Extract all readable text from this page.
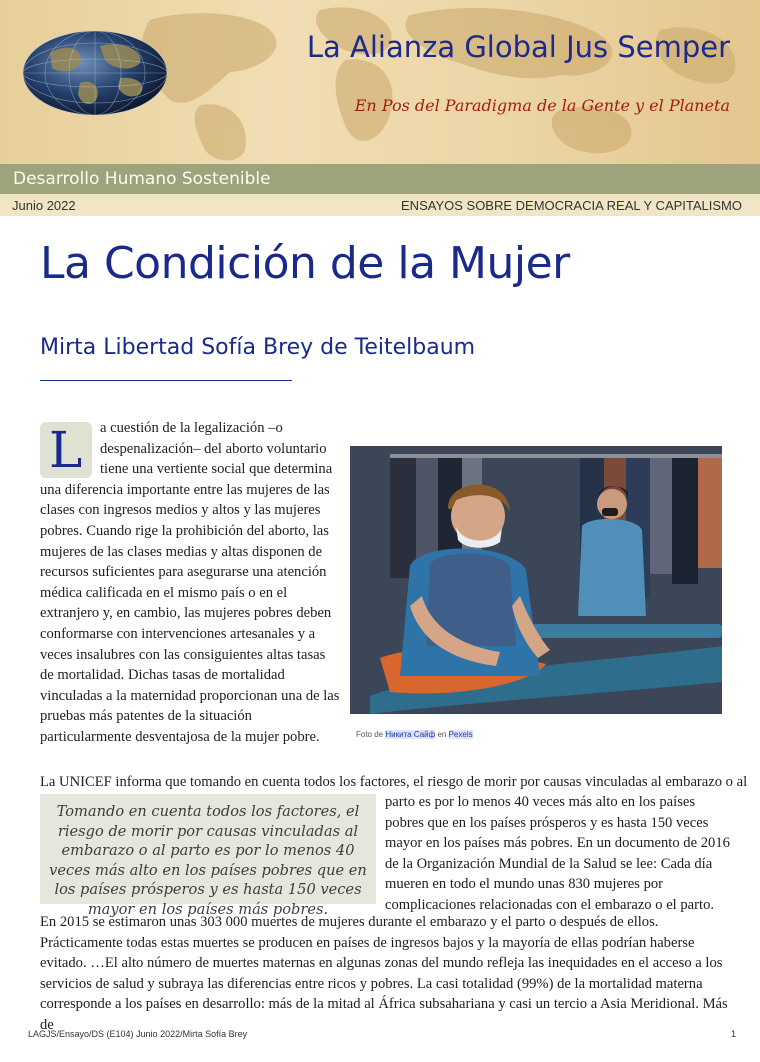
La Alianza Global Jus Semper

En Pos del Paradigma de la Gente y el Planeta

Desarrollo Humano Sostenible
Junio 2022	ENSAYOS SOBRE DEMOCRACIA REAL Y CAPITALISMO
La Condición de la Mujer
Mirta Libertad Sofía Brey de Teitelbaum

L a cuestión de la legalización –o despenalización– del aborto voluntario tiene una vertiente social que determina una diferencia importante entre las mujeres de las clases con ingresos medios y altos y las mujeres pobres. Cuando rige la prohibición del aborto, las mujeres de las clases medias y altas disponen de recursos suficientes para asegurarse una atención médica calificada en el mismo país o en el extranjero y, en cambio, las mujeres pobres deben conformarse con intervenciones artesanales y a veces insalubres con las consiguientes altas tasas de mortalidad. Dichas tasas de mortalidad vinculadas a la maternidad proporcionan una de las pruebas más patentes de la situación particularmente desventajosa de la mujer pobre.	Foto de Никита Сайф en Pexels

La UNICEF informa que tomando en cuenta todos los factores, el riesgo de morir por causas vinculadas al embarazo o al

Tomando en cuenta todos los factores, el riesgo de morir por causas vinculadas al embarazo o al parto es por lo menos 40 veces más alto en los países pobres que en los países prósperos y es hasta 150 veces mayor en los países más pobres.

parto es por lo menos 40 veces más alto en los países pobres que en los países prósperos y es hasta 150 veces mayor en los países más pobres. En un documento de 2016 de la Organización Mundial de la Salud se lee: Cada día mueren en todo el mundo unas 830 mujeres por complicaciones relacionadas con el embarazo o el parto.

En 2015 se estimaron unas 303 000 muertes de mujeres durante el embarazo y el parto o después de ellos. Prácticamente todas estas muertes se producen en países de ingresos bajos y la mayoría de ellas podrían haberse evitado. …El alto número de muertes maternas en algunas zonas del mundo refleja las inequidades en el acceso a los servicios de salud y subraya las diferencias entre ricos y pobres. La casi totalidad (99%) de la mortalidad materna corresponde a los países en desarrollo: más de la mitad al África subsahariana y casi un tercio a Asia Meridional. Más de

LAGJS/Ensayo/DS (E104) Junio 2022/Mirta Sofía Brey	1
